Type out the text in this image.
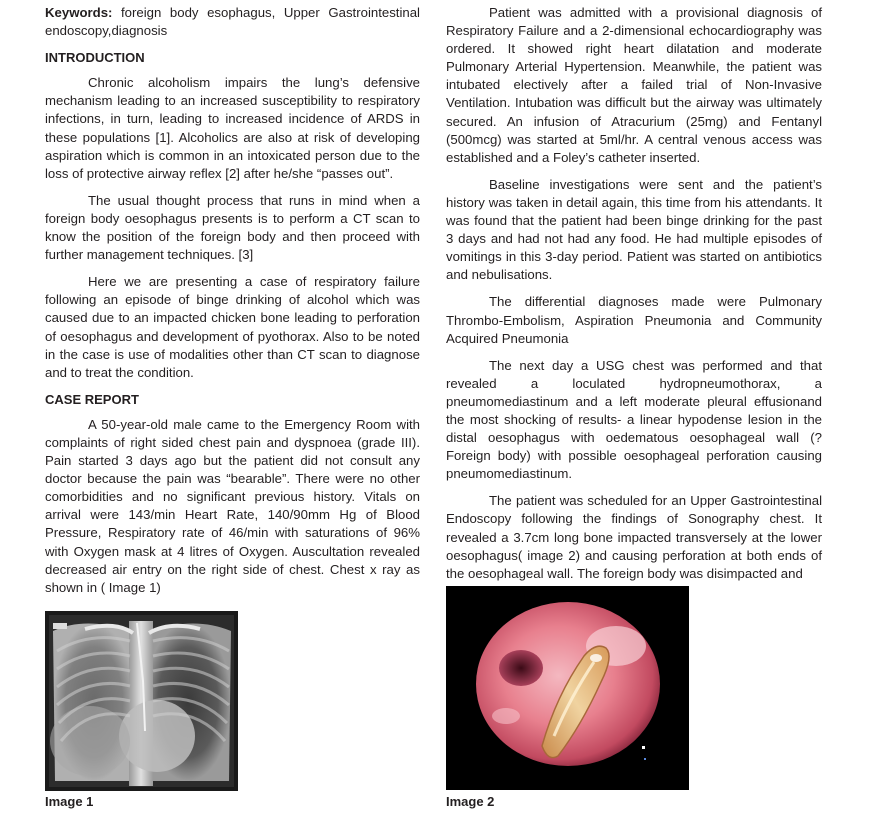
Keywords: foreign body esophagus, Upper Gastrointestinal endoscopy,diagnosis

INTRODUCTION

Chronic alcoholism impairs the lung’s defensive mechanism leading to an increased susceptibility to respiratory infections, in turn, leading to increased incidence of ARDS in these populations [1]. Alcoholics are also at risk of developing aspiration which is common in an intoxicated person due to the loss of protective airway reflex [2] after he/she “passes out”.

The usual thought process that runs in mind when a foreign body oesophagus presents is to perform a CT scan to know the position of the foreign body and then proceed with further management techniques. [3]

Here we are presenting a case of respiratory failure following an episode of binge drinking of alcohol which was caused due to an impacted chicken bone leading to perforation of oesophagus and development of pyothorax. Also to be noted in the case is use of modalities other than CT scan to diagnose and to treat the condition.

CASE REPORT

A 50-year-old male came to the Emergency Room with complaints of right sided chest pain and dyspnoea (grade III). Pain started 3 days ago but the patient did not consult any doctor because the pain was “bearable”. There were no other comorbidities and no significant previous history. Vitals on arrival were 143/min Heart Rate, 140/90mm Hg of Blood Pressure, Respiratory rate of 46/min with saturations of 96% with Oxygen mask at 4 litres of Oxygen. Auscultation revealed decreased air entry on the right side of chest. Chest x ray as shown in ( Image 1)

Image 1

Patient was admitted with a provisional diagnosis of Respiratory Failure and a 2-dimensional echocardiography was ordered. It showed right heart dilatation and moderate Pulmonary Arterial Hypertension. Meanwhile, the patient was intubated electively after a failed trial of Non-Invasive Ventilation. Intubation was difficult but the airway was ultimately secured. An infusion of Atracurium (25mg) and Fentanyl (500mcg) was started at 5ml/hr. A central venous access was established and a Foley’s catheter inserted.

Baseline investigations were sent and the patient’s history was taken in detail again, this time from his attendants. It was found that the patient had been binge drinking for the past 3 days and had not had any food. He had multiple episodes of vomitings in this 3-day period. Patient was started on antibiotics and nebulisations.

The differential diagnoses made were Pulmonary Thrombo-Embolism, Aspiration Pneumonia and Community Acquired Pneumonia

The next day a USG chest was performed and that revealed a loculated hydropneumothorax, a pneumomediastinum and a left moderate pleural effusionand the most shocking of results- a linear hypodense lesion in the distal oesophagus with oedematous oesophageal wall (? Foreign body) with possible oesophageal perforation causing pneumomediastinum.

The patient was scheduled for an Upper Gastrointestinal Endoscopy following the findings of Sonography chest. It revealed a 3.7cm long bone impacted transversely at the lower oesophagus( image 2) and causing perforation at both ends of the oesophageal wall. The foreign body was disimpacted and

Image 2
